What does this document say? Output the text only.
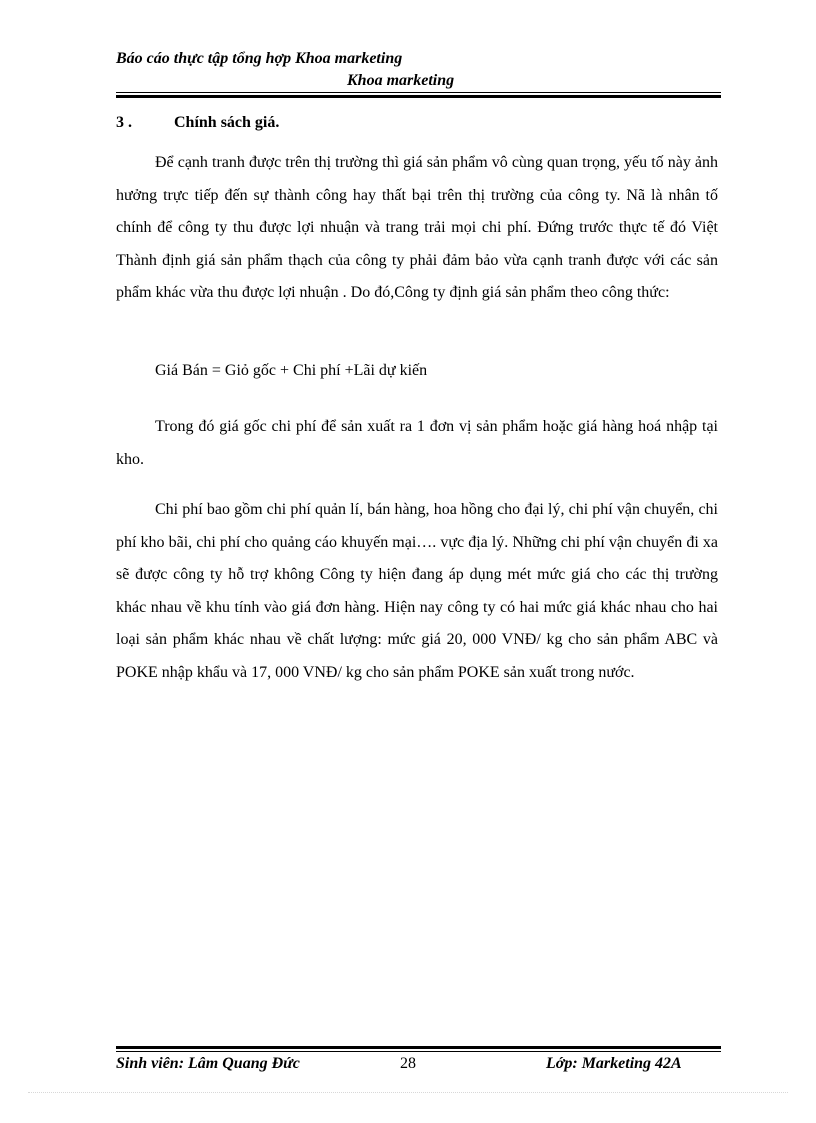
Báo cáo thực tập tổng hợp Khoa marketing
Khoa marketing
3 .	Chính sách giá.

Để cạnh tranh được trên thị trường thì giá sản phẩm vô cùng quan trọng, yếu tố này ảnh hưởng trực tiếp đến sự thành công hay thất bại trên thị trường của công ty. Nã là nhân tố chính để công ty thu được lợi nhuận và trang trải mọi chi phí. Đứng trước thực tế đó Việt Thành định giá sản phẩm thạch của công ty phải đảm bảo vừa cạnh tranh được với các sản phẩm khác vừa thu được lợi nhuận . Do đó,Công ty định giá sản phẩm theo công thức:

Giá Bán = Giỏ gốc + Chi phí +Lãi dự kiến

Trong đó giá gốc chi phí để sản xuất ra 1 đơn vị sản phẩm hoặc giá hàng hoá nhập tại kho.

Chi phí bao gồm chi phí quản lí, bán hàng, hoa hồng cho đại lý, chi phí vận chuyển, chi phí kho bãi, chi phí cho quảng cáo khuyến mại…. vực địa lý. Những chi phí vận chuyển đi xa sẽ được công ty hỗ trợ không Công ty hiện đang áp dụng mét mức giá cho các thị trường khác nhau về khu tính vào giá đơn hàng. Hiện nay công ty có hai mức giá khác nhau cho hai loại sản phẩm khác nhau về chất lượng: mức giá 20, 000 VNĐ/ kg cho sản phẩm ABC và POKE nhập khẩu và 17, 000 VNĐ/ kg cho sản phẩm POKE sản xuất trong nước.

Sinh viên: Lâm Quang Đức	28	Lớp: Marketing 42A
